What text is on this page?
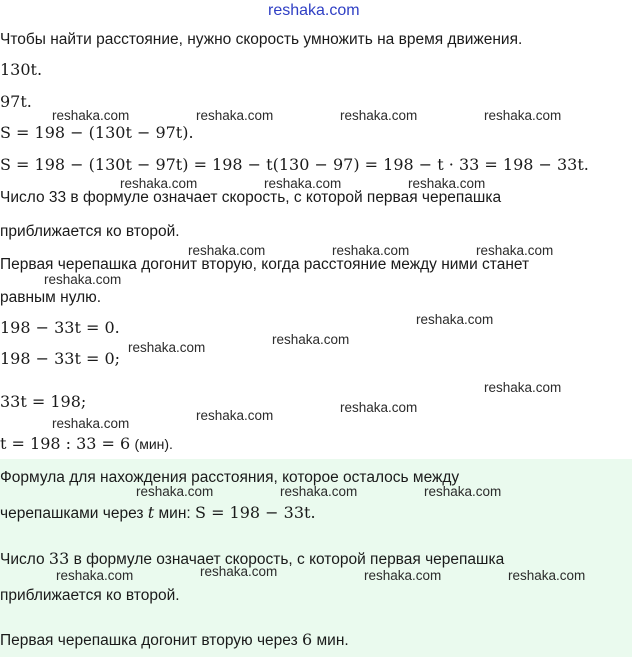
reshaka.com
Чтобы найти расстояние, нужно скорость умножить на время движения.
130t.
97t.
S = 198 − (130t − 97t).
S = 198 − (130t − 97t) = 198 − t(130 − 97) = 198 − t · 33 = 198 − 33t.
Число 33 в формуле означает скорость, с которой первая черепашка
приближается ко второй.
Первая черепашка догонит вторую, когда расстояние между ними станет
равным нулю.
198 − 33t = 0.
198 − 33t = 0;
33t = 198;
t = 198 : 33 = 6 (мин).
Формула для нахождения расстояния, которое осталось между
черепашками через t мин: S = 198 − 33t.
Число 33 в формуле означает скорость, с которой первая черепашка
приближается ко второй.
Первая черепашка догонит вторую через 6 мин.
reshaka.com	reshaka.com	reshaka.com	reshaka.com
reshaka.com	reshaka.com	reshaka.com
reshaka.com	reshaka.com	reshaka.com
reshaka.com
reshaka.com
reshaka.com
reshaka.com
reshaka.com
reshaka.com
reshaka.com
reshaka.com
reshaka.com	reshaka.com	reshaka.com
reshaka.com
reshaka.com	reshaka.com	reshaka.com
